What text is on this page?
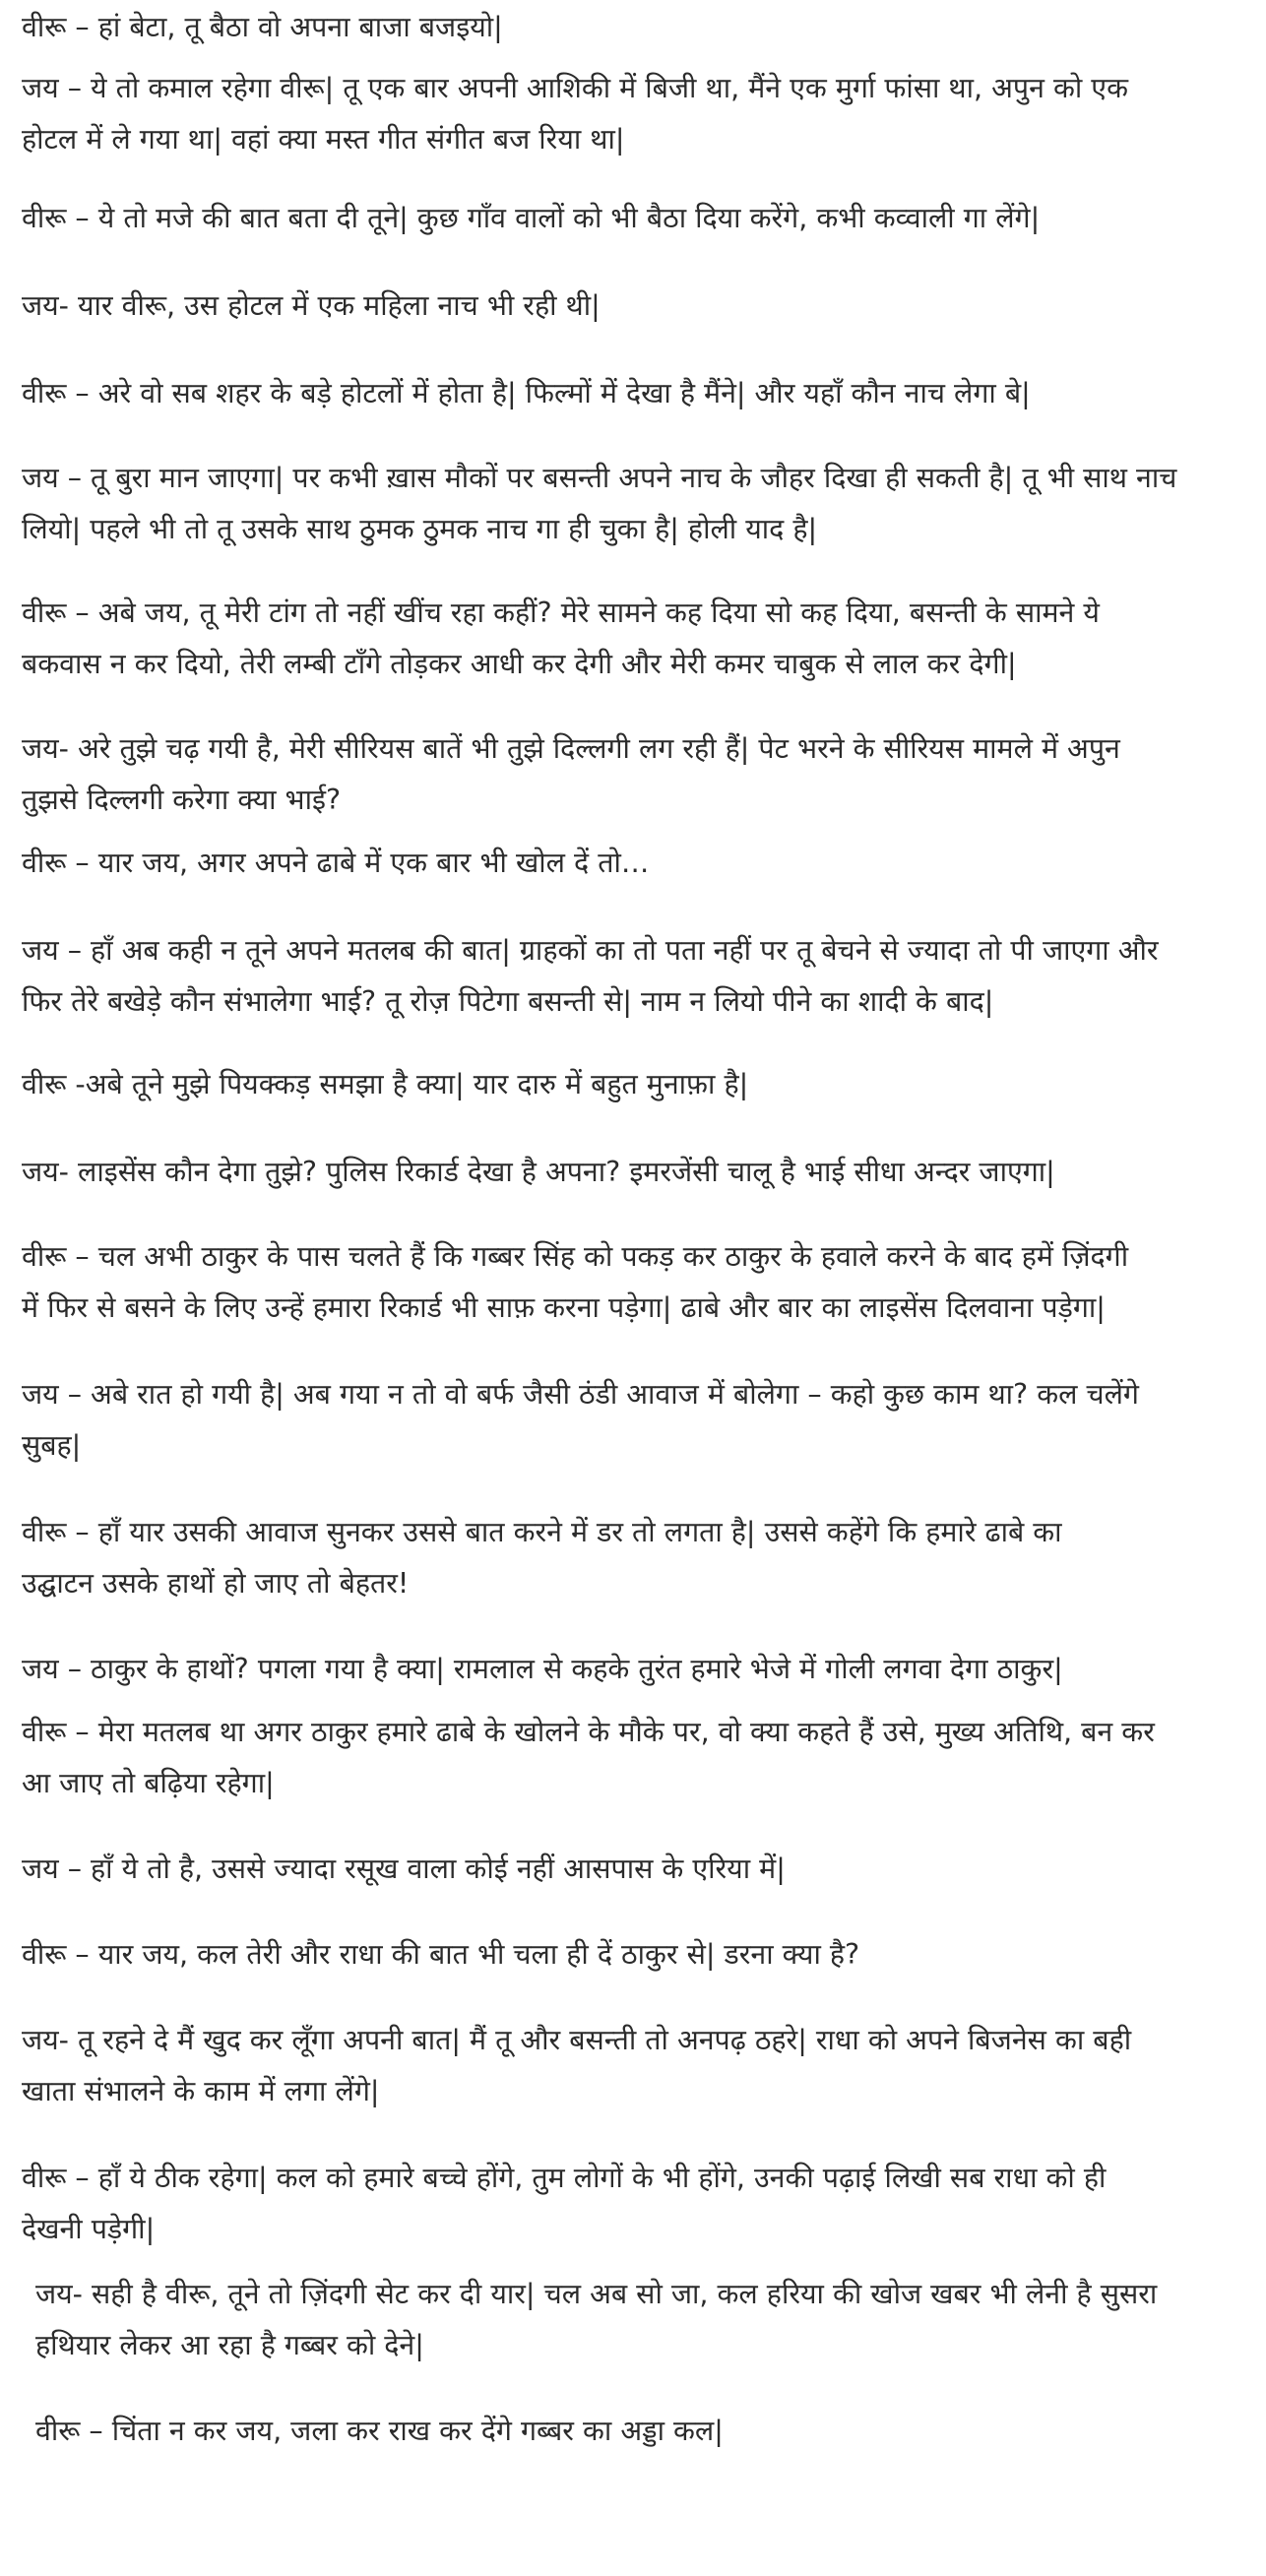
वीरू – हां बेटा, तू बैठा वो अपना बाजा बजइयो|

जय – ये तो कमाल रहेगा वीरू| तू एक बार अपनी आशिकी में बिजी था, मैंने एक मुर्गा फांसा था, अपुन को एक

होटल में ले गया था| वहां क्या मस्त गीत संगीत बज रिया था|

वीरू – ये तो मजे की बात बता दी तूने| कुछ गाँव वालों को भी बैठा दिया करेंगे, कभी कव्वाली गा लेंगे|

जय- यार वीरू, उस होटल में एक महिला नाच भी रही थी|

वीरू – अरे वो सब शहर के बड़े होटलों में होता है| फिल्मों में देखा है मैंने| और यहाँ कौन नाच लेगा बे|

जय – तू बुरा मान जाएगा| पर कभी ख़ास मौकों पर बसन्ती अपने नाच के जौहर दिखा ही सकती है| तू भी साथ नाच

लियो| पहले भी तो तू उसके साथ ठुमक ठुमक नाच गा ही चुका है| होली याद है|

वीरू – अबे जय, तू मेरी टांग तो नहीं खींच रहा कहीं? मेरे सामने कह दिया सो कह दिया, बसन्ती के सामने ये

बकवास न कर दियो, तेरी लम्बी टाँगे तोड़कर आधी कर देगी और मेरी कमर चाबुक से लाल कर देगी|

जय- अरे तुझे चढ़ गयी है, मेरी सीरियस बातें भी तुझे दिल्लगी लग रही हैं| पेट भरने के सीरियस मामले में अपुन

तुझसे दिल्लगी करेगा क्या भाई?

वीरू – यार जय, अगर अपने ढाबे में एक बार भी खोल दें तो…

जय – हाँ अब कही न तूने अपने मतलब की बात| ग्राहकों का तो पता नहीं पर तू बेचने से ज्यादा तो पी जाएगा और

फिर तेरे बखेड़े कौन संभालेगा भाई? तू रोज़ पिटेगा बसन्ती से| नाम न लियो पीने का शादी के बाद|

वीरू -अबे तूने मुझे पियक्कड़ समझा है क्या| यार दारु में बहुत मुनाफ़ा है|

जय- लाइसेंस कौन देगा तुझे? पुलिस रिकार्ड देखा है अपना? इमरजेंसी चालू है भाई सीधा अन्दर जाएगा|

वीरू – चल अभी ठाकुर के पास चलते हैं कि गब्बर सिंह को पकड़ कर ठाकुर के हवाले करने के बाद हमें ज़िंदगी

में फिर से बसने के लिए उन्हें हमारा रिकार्ड भी साफ़ करना पड़ेगा| ढाबे और बार का लाइसेंस दिलवाना पड़ेगा|

जय – अबे रात हो गयी है| अब गया न तो वो बर्फ जैसी ठंडी आवाज में बोलेगा – कहो कुछ काम था? कल चलेंगे

सुबह|

वीरू – हाँ यार उसकी आवाज सुनकर उससे बात करने में डर तो लगता है| उससे कहेंगे कि हमारे ढाबे का

उद्घाटन उसके हाथों हो जाए तो बेहतर!

जय – ठाकुर के हाथों? पगला गया है क्या| रामलाल से कहके तुरंत हमारे भेजे में गोली लगवा देगा ठाकुर|

वीरू – मेरा मतलब था अगर ठाकुर हमारे ढाबे के खोलने के मौके पर, वो क्या कहते हैं उसे, मुख्य अतिथि, बन कर

आ जाए तो बढ़िया रहेगा|

जय – हाँ ये तो है, उससे ज्यादा रसूख वाला कोई नहीं आसपास के एरिया में|

वीरू – यार जय, कल तेरी और राधा की बात भी चला ही दें ठाकुर से| डरना क्या है?

जय- तू रहने दे मैं खुद कर लूँगा अपनी बात| मैं तू और बसन्ती तो अनपढ़ ठहरे| राधा को अपने बिजनेस का बही

खाता संभालने के काम में लगा लेंगे|

वीरू – हाँ ये ठीक रहेगा| कल को हमारे बच्चे होंगे, तुम लोगों के भी होंगे, उनकी पढ़ाई लिखी सब राधा को ही

देखनी पड़ेगी|

जय- सही है वीरू, तूने तो ज़िंदगी सेट कर दी यार| चल अब सो जा, कल हरिया की खोज खबर भी लेनी है सुसरा

हथियार लेकर आ रहा है गब्बर को देने|

वीरू – चिंता न कर जय, जला कर राख कर देंगे गब्बर का अड्डा कल|
